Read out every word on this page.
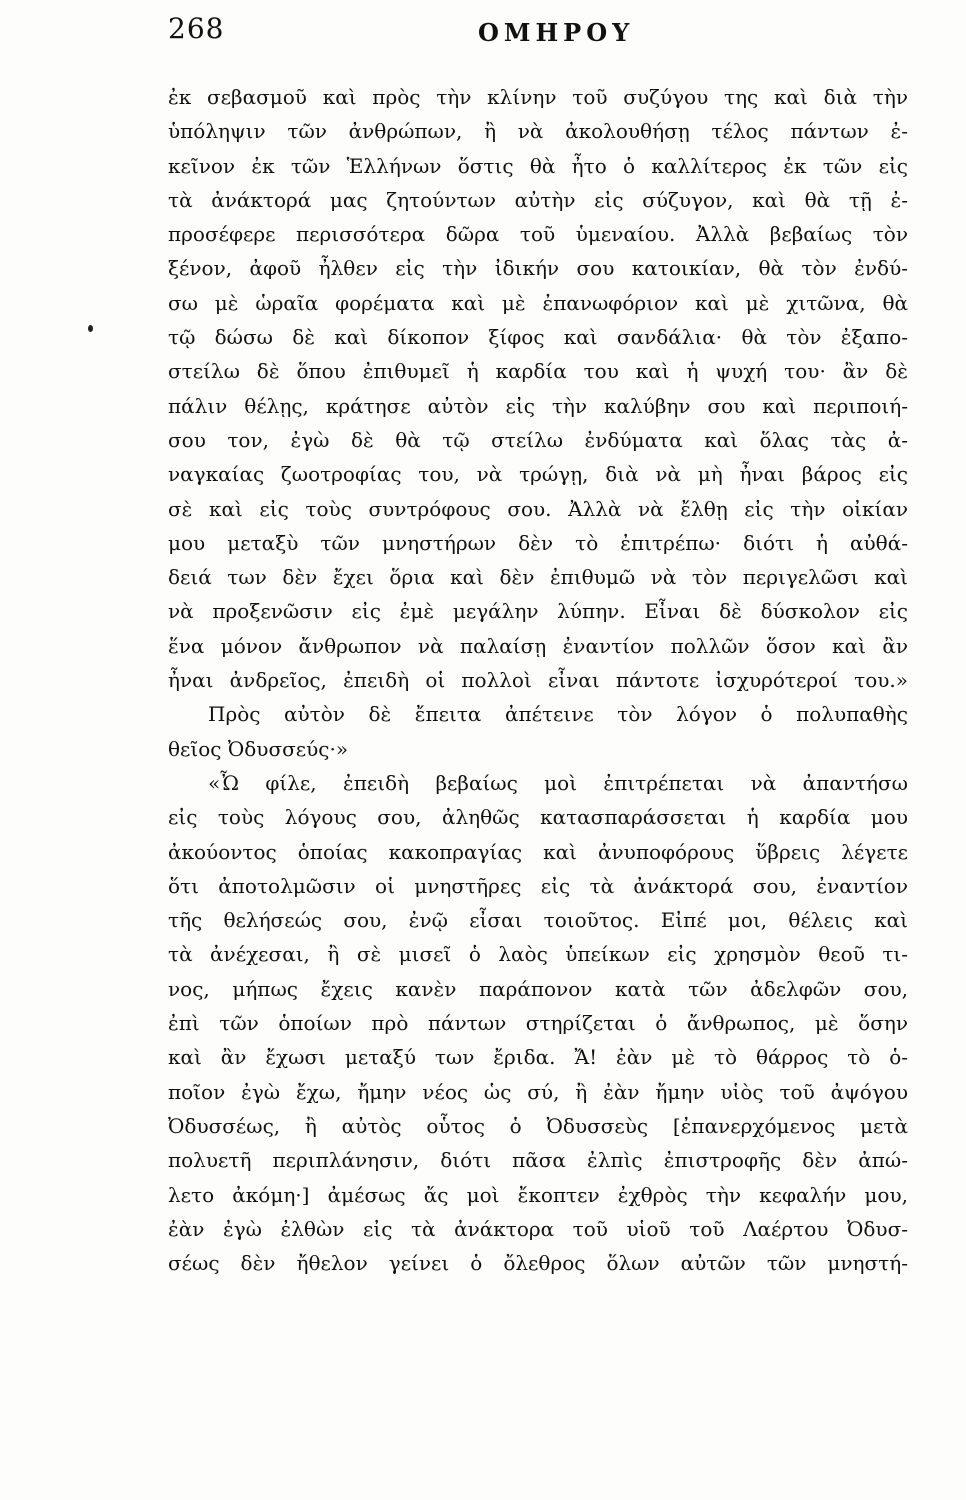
268	ΟΜΗΡΟΥ
ἐκ σεβασμοῦ καὶ πρὸς τὴν κλίνην τοῦ συζύγου της καὶ διὰ τὴν
ὑπόληψιν τῶν ἀνθρώπων, ἢ νὰ ἀκολουθήσῃ τέλος πάντων ἐ-
κεῖνον ἐκ τῶν Ἑλλήνων ὅστις θὰ ἦτο ὁ καλλίτερος ἐκ τῶν εἰς
τὰ ἀνάκτορά μας ζητούντων αὐτὴν εἰς σύζυγον, καὶ θὰ τῇ ἐ-
προσέφερε περισσότερα δῶρα τοῦ ὑμεναίου. Ἀλλὰ βεβαίως τὸν
ξένον, ἀφοῦ ἦλθεν εἰς τὴν ἰδικήν σου κατοικίαν, θὰ τὸν ἐνδύ-
σω μὲ ὡραῖα φορέματα καὶ μὲ ἐπανωφόριον καὶ μὲ χιτῶνα, θὰ
τῷ δώσω δὲ καὶ δίκοπον ξίφος καὶ σανδάλια· θὰ τὸν ἐξαπο-
στείλω δὲ ὅπου ἐπιθυμεῖ ἡ καρδία του καὶ ἡ ψυχή του· ἂν δὲ
πάλιν θέλῃς, κράτησε αὐτὸν εἰς τὴν καλύβην σου καὶ περιποιή-
σου τον, ἐγὼ δὲ θὰ τῷ στείλω ἐνδύματα καὶ ὅλας τὰς ἀ-
ναγκαίας ζωοτροφίας του, νὰ τρώγῃ, διὰ νὰ μὴ ἦναι βάρος εἰς
σὲ καὶ εἰς τοὺς συντρόφους σου. Ἀλλὰ νὰ ἔλθῃ εἰς τὴν οἰκίαν
μου μεταξὺ τῶν μνηστήρων δὲν τὸ ἐπιτρέπω· διότι ἡ αὐθά-
δειά των δὲν ἔχει ὅρια καὶ δὲν ἐπιθυμῶ νὰ τὸν περιγελῶσι καὶ
νὰ προξενῶσιν εἰς ἐμὲ μεγάλην λύπην. Εἶναι δὲ δύσκολον εἰς
ἕνα μόνον ἄνθρωπον νὰ παλαίσῃ ἐναντίον πολλῶν ὅσον καὶ ἂν
ἦναι ἀνδρεῖος, ἐπειδὴ οἱ πολλοὶ εἶναι πάντοτε ἰσχυρότεροί του.»
Πρὸς αὐτὸν δὲ ἔπειτα ἀπέτεινε τὸν λόγον ὁ πολυπαθὴς
θεῖος Ὀδυσσεύς·»
«Ὦ φίλε, ἐπειδὴ βεβαίως μοὶ ἐπιτρέπεται νὰ ἀπαντήσω
εἰς τοὺς λόγους σου, ἀληθῶς κατασπαράσσεται ἡ καρδία μου
ἀκούοντος ὁποίας κακοπραγίας καὶ ἀνυποφόρους ὕβρεις λέγετε
ὅτι ἀποτολμῶσιν οἱ μνηστῆρες εἰς τὰ ἀνάκτορά σου, ἐναντίον
τῆς θελήσεώς σου, ἐνῷ εἶσαι τοιοῦτος. Εἰπέ μοι, θέλεις καὶ
τὰ ἀνέχεσαι, ἢ σὲ μισεῖ ὁ λαὸς ὑπείκων εἰς χρησμὸν θεοῦ τι-
νος, μήπως ἔχεις κανὲν παράπονον κατὰ τῶν ἀδελφῶν σου,
ἐπὶ τῶν ὁποίων πρὸ πάντων στηρίζεται ὁ ἄνθρωπος, μὲ ὅσην
καὶ ἂν ἔχωσι μεταξύ των ἔριδα. Ἄ! ἐὰν μὲ τὸ θάρρος τὸ ὁ-
ποῖον ἐγὼ ἔχω, ἤμην νέος ὡς σύ, ἢ ἐὰν ἤμην υἱὸς τοῦ ἀψόγου
Ὀδυσσέως, ἢ αὐτὸς οὗτος ὁ Ὀδυσσεὺς [ἐπανερχόμενος μετὰ
πολυετῆ περιπλάνησιν, διότι πᾶσα ἐλπὶς ἐπιστροφῆς δὲν ἀπώ-
λετο ἀκόμη·] ἀμέσως ἄς μοὶ ἔκοπτεν ἐχθρὸς τὴν κεφαλήν μου,
ἐὰν ἐγὼ ἐλθὼν εἰς τὰ ἀνάκτορα τοῦ υἱοῦ τοῦ Λαέρτου Ὀδυσ-
σέως δὲν ἤθελον γείνει ὁ ὄλεθρος ὅλων αὐτῶν τῶν μνηστή-
